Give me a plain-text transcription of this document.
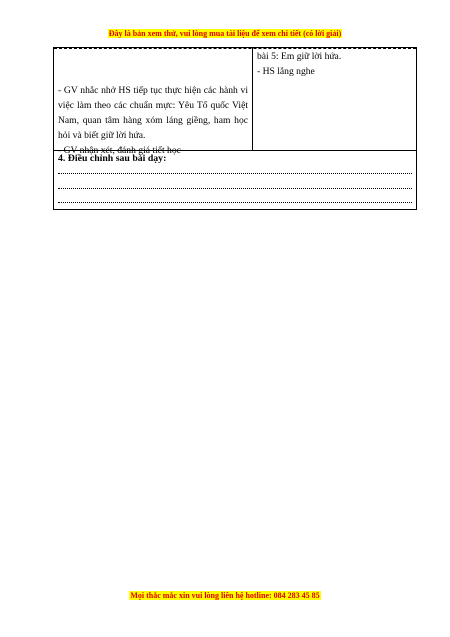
Đây là bản xem thử, vui lòng mua tài liệu để xem chi tiết (có lời giải)

- GV nhắc nhở HS tiếp tục thực hiện các hành vi việc làm theo các chuẩn mực: Yêu Tổ quốc Việt Nam, quan tâm hàng xóm láng giềng, ham học hỏi và biết giữ lời hứa.

- GV nhận xét, đánh giá tiết học

bài 5: Em giữ lời hứa.

- HS lắng nghe

4. Điều chỉnh sau bài dạy:
Mọi thắc mắc xin vui lòng liên hệ hotline: 084 283 45 85
